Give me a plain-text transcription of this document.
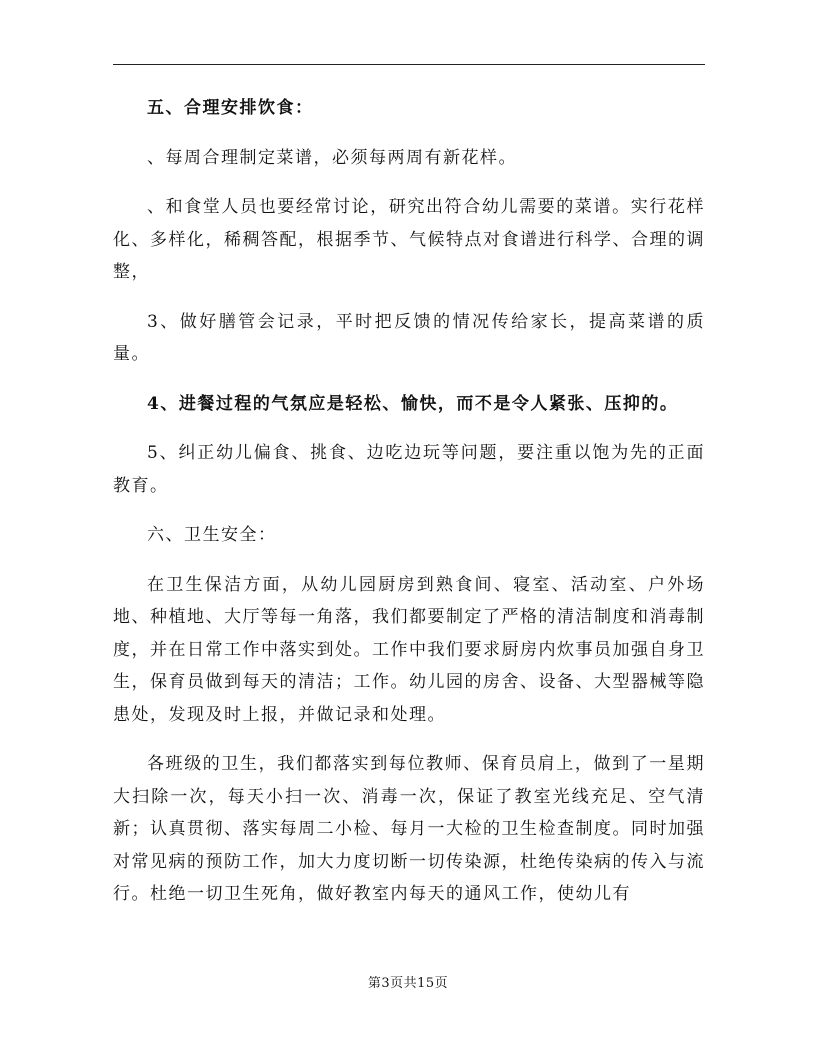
五、合理安排饮食：

、每周合理制定菜谱，必须每两周有新花样。

、和食堂人员也要经常讨论，研究出符合幼儿需要的菜谱。实行花样化、多样化，稀稠答配，根据季节、气候特点对食谱进行科学、合理的调整，

3、做好膳管会记录，平时把反馈的情况传给家长，提高菜谱的质量。

4、进餐过程的气氛应是轻松、愉快，而不是令人紧张、压抑的。

5、纠正幼儿偏食、挑食、边吃边玩等问题，要注重以饱为先的正面教育。

六、卫生安全：

在卫生保洁方面，从幼儿园厨房到熟食间、寝室、活动室、户外场地、种植地、大厅等每一角落，我们都要制定了严格的清洁制度和消毒制度，并在日常工作中落实到处。工作中我们要求厨房内炊事员加强自身卫生，保育员做到每天的清洁；工作。幼儿园的房舍、设备、大型器械等隐患处，发现及时上报，并做记录和处理。

各班级的卫生，我们都落实到每位教师、保育员肩上，做到了一星期大扫除一次，每天小扫一次、消毒一次，保证了教室光线充足、空气清新；认真贯彻、落实每周二小检、每月一大检的卫生检查制度。同时加强对常见病的预防工作，加大力度切断一切传染源，杜绝传染病的传入与流行。杜绝一切卫生死角，做好教室内每天的通风工作，使幼儿有

第3页共15页
